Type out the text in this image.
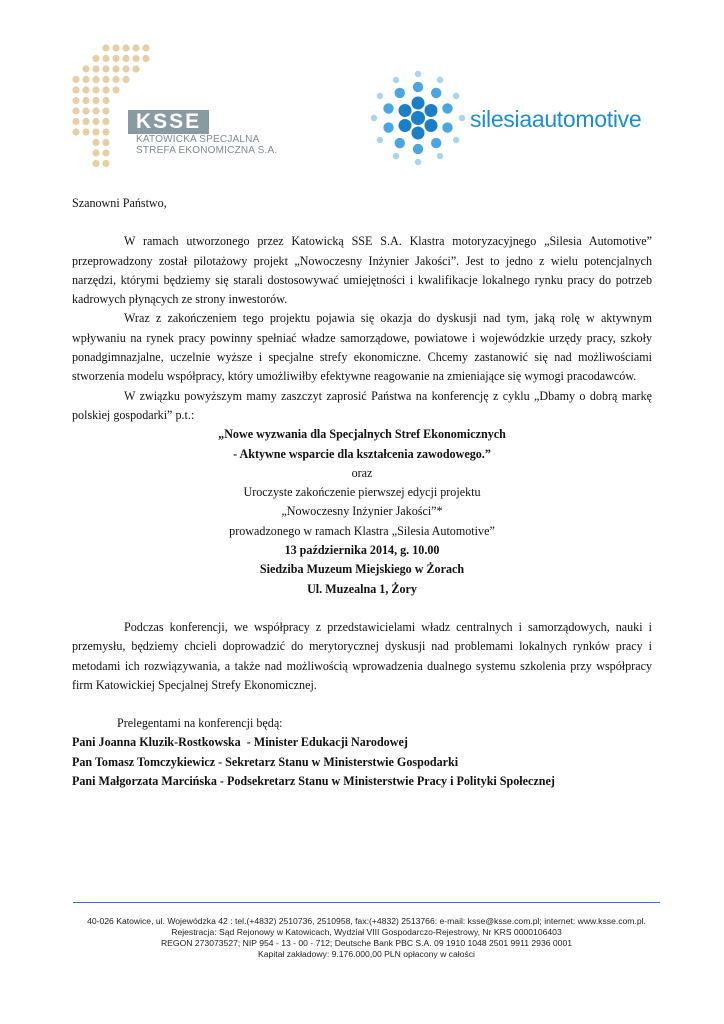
KSSE
KATOWICKA SPECJALNA
STREFA EKONOMICZNA S.A.
silesiaautomotive

Szanowni Państwo,

W ramach utworzonego przez Katowicką SSE S.A. Klastra motoryzacyjnego „Silesia Automotive” przeprowadzony został pilotażowy projekt „Nowoczesny Inżynier Jakości”. Jest to jedno z wielu potencjalnych narzędzi, którymi będziemy się starali dostosowywać umiejętności i kwalifikacje lokalnego rynku pracy do potrzeb kadrowych płynących ze strony inwestorów.

Wraz z zakończeniem tego projektu pojawia się okazja do dyskusji nad tym, jaką rolę w aktywnym wpływaniu na rynek pracy powinny spełniać władze samorządowe, powiatowe i wojewódzkie urzędy pracy, szkoły ponadgimnazjalne, uczelnie wyższe i specjalne strefy ekonomiczne. Chcemy zastanowić się nad możliwościami stworzenia modelu współpracy, który umożliwiłby efektywne reagowanie na zmieniające się wymogi pracodawców.

W związku powyższym mamy zaszczyt zaprosić Państwa na konferencję z cyklu „Dbamy o dobrą markę polskiej gospodarki” p.t.:

„Nowe wyzwania dla Specjalnych Stref Ekonomicznych

- Aktywne wsparcie dla kształcenia zawodowego.”

oraz

Uroczyste zakończenie pierwszej edycji projektu

„Nowoczesny Inżynier Jakości”*

prowadzonego w ramach Klastra „Silesia Automotive”

13 października 2014, g. 10.00

Siedziba Muzeum Miejskiego w Żorach

Ul. Muzealna 1, Żory

Podczas konferencji, we współpracy z przedstawicielami władz centralnych i samorządowych, nauki i przemysłu, będziemy chcieli doprowadzić do merytorycznej dyskusji nad problemami lokalnych rynków pracy i metodami ich rozwiązywania, a także nad możliwością wprowadzenia dualnego systemu szkolenia przy współpracy firm Katowickiej Specjalnej Strefy Ekonomicznej.

Prelegentami na konferencji będą:

Pani Joanna Kluzik-Rostkowska  - Minister Edukacji Narodowej

Pan Tomasz Tomczykiewicz - Sekretarz Stanu w Ministerstwie Gospodarki

Pani Małgorzata Marcińska - Podsekretarz Stanu w Ministerstwie Pracy i Polityki Społecznej

40-026 Katowice, ul. Wojewódzka 42 : tel.(+4832) 2510736, 2510958, fax:(+4832) 2513766: e-mail: ksse@ksse.com.pl; internet: www.ksse.com.pl.
Rejestracja: Sąd Rejonowy w Katowicach, Wydział VIII Gospodarczo-Rejestrowy, Nr KRS 0000106403
REGON 273073527; NIP 954 - 13 - 00 - 712; Deutsche Bank PBC S.A. 09 1910 1048 2501 9911 2936 0001
Kapitał zakładowy: 9.176.000,00 PLN opłacony w całości
